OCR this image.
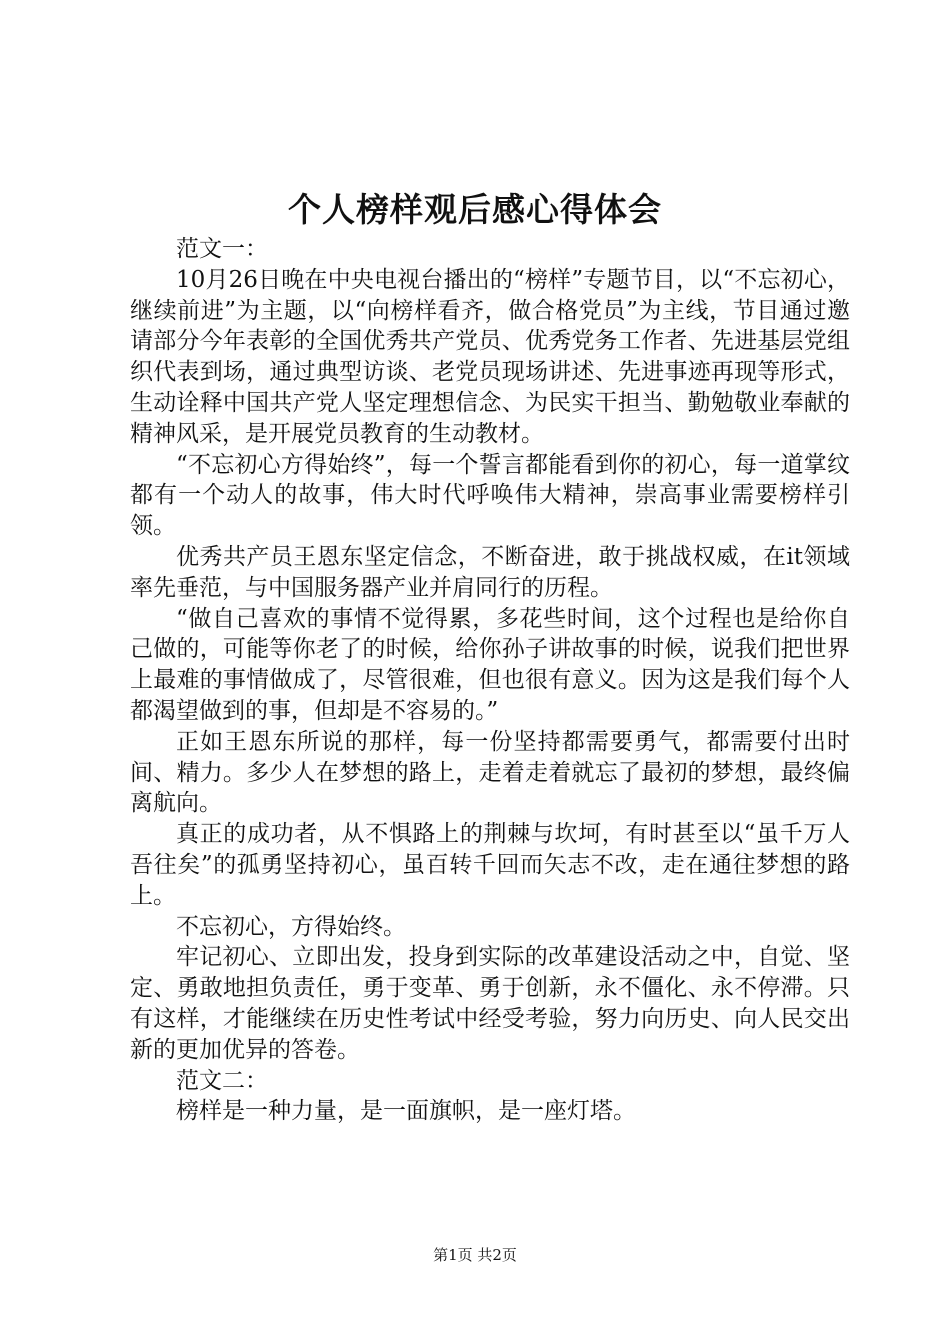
个人榜样观后感心得体会

范文一：

10月26日晚在中央电视台播出的“榜样”专题节目，以“不忘初心，继续前进”为主题，以“向榜样看齐，做合格党员”为主线，节目通过邀请部分今年表彰的全国优秀共产党员、优秀党务工作者、先进基层党组织代表到场，通过典型访谈、老党员现场讲述、先进事迹再现等形式，生动诠释中国共产党人坚定理想信念、为民实干担当、勤勉敬业奉献的精神风采，是开展党员教育的生动教材。

“不忘初心方得始终”，每一个誓言都能看到你的初心，每一道掌纹都有一个动人的故事，伟大时代呼唤伟大精神，崇高事业需要榜样引领。

优秀共产员王恩东坚定信念，不断奋进，敢于挑战权威，在it领域率先垂范，与中国服务器产业并肩同行的历程。

“做自己喜欢的事情不觉得累，多花些时间，这个过程也是给你自己做的，可能等你老了的时候，给你孙子讲故事的时候，说我们把世界上最难的事情做成了，尽管很难，但也很有意义。因为这是我们每个人都渴望做到的事，但却是不容易的。”

正如王恩东所说的那样，每一份坚持都需要勇气，都需要付出时间、精力。多少人在梦想的路上，走着走着就忘了最初的梦想，最终偏离航向。

真正的成功者，从不惧路上的荆棘与坎坷，有时甚至以“虽千万人吾往矣”的孤勇坚持初心，虽百转千回而矢志不改，走在通往梦想的路上。

不忘初心，方得始终。

牢记初心、立即出发，投身到实际的改革建设活动之中，自觉、坚定、勇敢地担负责任，勇于变革、勇于创新，永不僵化、永不停滞。只有这样，才能继续在历史性考试中经受考验，努力向历史、向人民交出新的更加优异的答卷。

范文二：

榜样是一种力量，是一面旗帜，是一座灯塔。

第1页 共2页
